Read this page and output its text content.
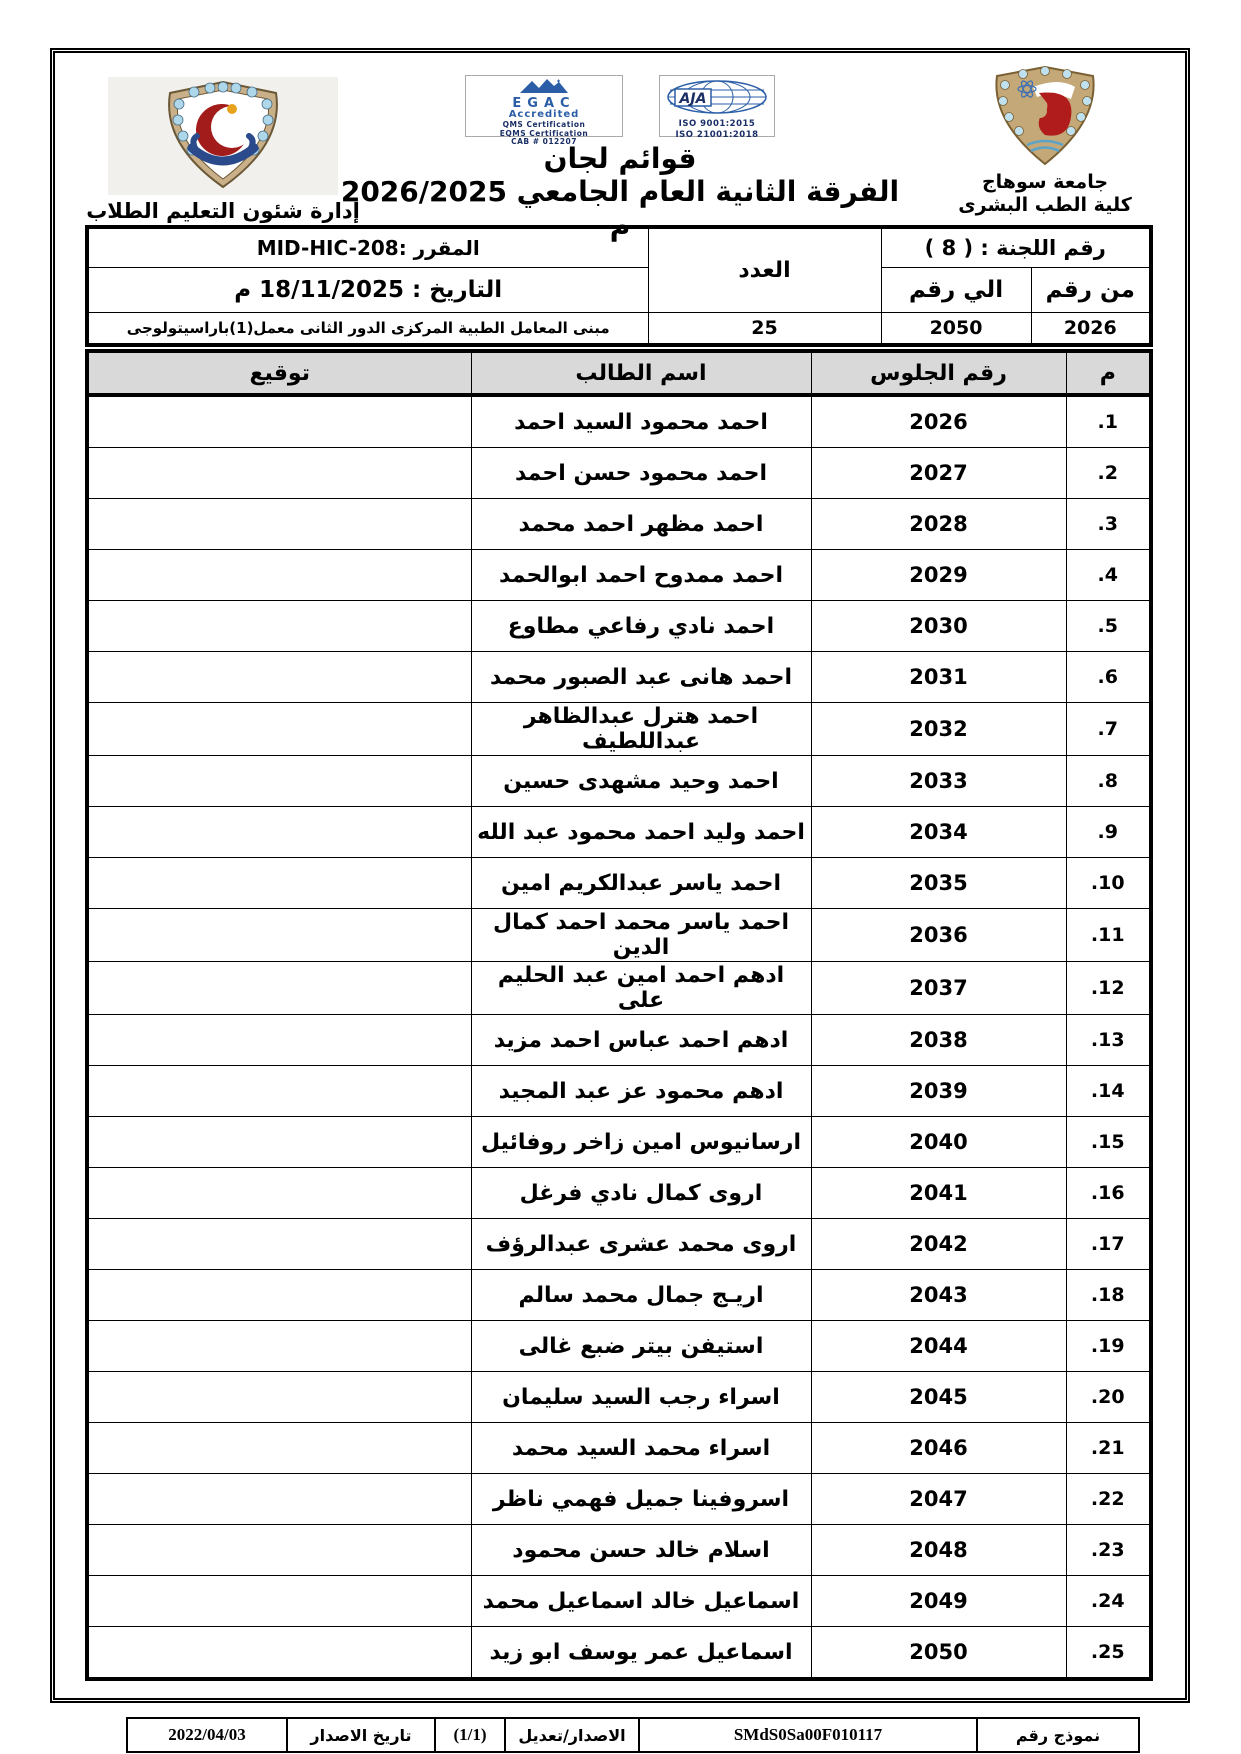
إدارة شئون التعليم الطلاب
EGAC
Accredited
QMS Certification
EQMS Certification
CAB # 012207
AJA
ISO 9001:2015
ISO 21001:2018
قوائم لجان
الفرقة الثانية العام الجامعي 2026/2025 م
جامعة سوهاج
كلية الطب البشرى
رقم اللجنة : ( 8 )		العدد	المقرر :MID-HIC-208
من رقم	الي رقم		التاريخ : 18/11/2025 م
2026	2050	25	مبنى المعامل الطبية المركزى الدور الثانى معمل(1)باراسيتولوجى
م	رقم الجلوس	اسم الطالب	توقيع
1.	2026	احمد محمود السيد احمد	
2.	2027	احمد محمود حسن احمد	
3.	2028	احمد مظهر احمد محمد	
4.	2029	احمد ممدوح احمد ابوالحمد	
5.	2030	احمد نادي رفاعي مطاوع	
6.	2031	احمد هانى عبد الصبور محمد	
7.	2032	احمد هترل عبدالظاهر عبداللطيف	
8.	2033	احمد وحيد مشهدى حسين	
9.	2034	احمد وليد احمد محمود عبد الله	
10.	2035	احمد ياسر عبدالكريم امين	
11.	2036	احمد ياسر محمد احمد كمال الدين	
12.	2037	ادهم احمد امين عبد الحليم على	
13.	2038	ادهم احمد عباس احمد مزيد	
14.	2039	ادهم محمود عز عبد المجيد	
15.	2040	ارسانيوس امين زاخر روفائيل	
16.	2041	اروى كمال نادي فرغل	
17.	2042	اروى محمد عشرى عبدالرؤف	
18.	2043	اريـج جمال محمد سالم	
19.	2044	استيفن بيتر ضبع غالى	
20.	2045	اسراء رجب السيد سليمان	
21.	2046	اسراء محمد السيد محمد	
22.	2047	اسروفينا جميل فهمي ناظر	
23.	2048	اسلام خالد حسن محمود	
24.	2049	اسماعيل خالد اسماعيل محمد	
25.	2050	اسماعيل عمر يوسف ابو زيد	
نموذج رقم	SMdS0Sa00F010117	الاصدار/تعديل	(1/1)	تاريخ الاصدار	2022/04/03
